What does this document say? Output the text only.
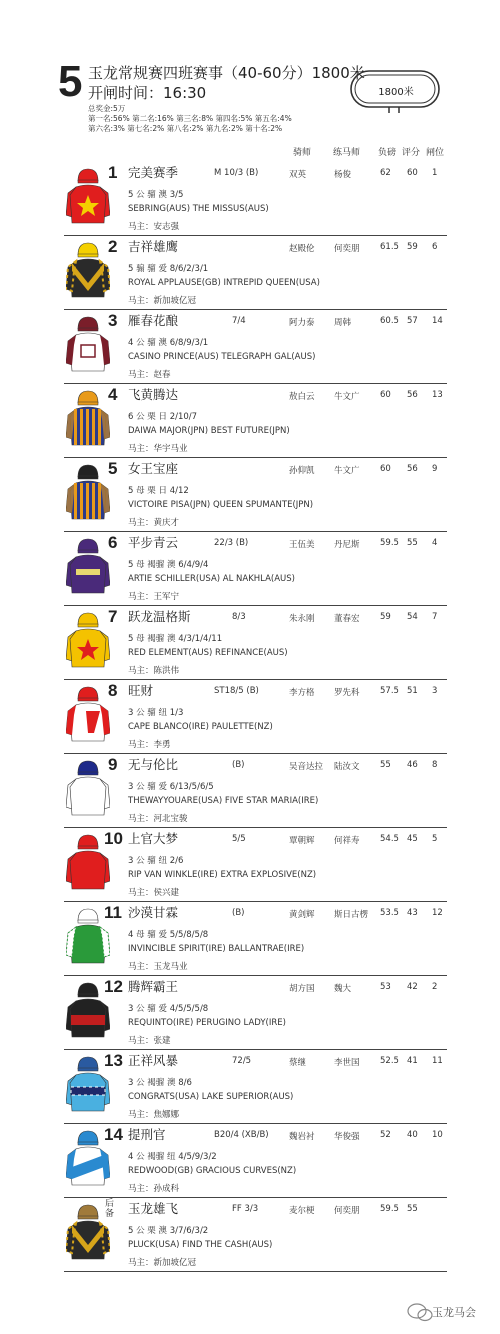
5 玉龙常规赛四班赛事（40-60分）1800米
开闸时间：16:30
总奖金:5万
第一名:56% 第二名:16% 第三名:8% 第四名:5% 第五名:4%
第六名:3% 第七名:2% 第八名:2% 第九名:2% 第十名:2%
1800米
骑师 练马师 负磅 评分 闸位
1 完美赛季	M 10/3 (B)	双英	杨俊	62 60 1
5 公 骝 澳 3/5
SEBRING(AUS) THE MISSUS(AUS)
马主：安志强
2 吉祥雄鹰	赵殿伦 何奕朋 61.5 59 6
5 骟 骝 爱 8/6/2/3/1
ROYAL APPLAUSE(GB) INTREPID QUEEN(USA)
马主：新加坡亿冠
3 雁春花酿	7/4	阿力泰 周韩	60.5 57 14
4 公 骝 澳 6/8/9/3/1
CASINO PRINCE(AUS) TELEGRAPH GAL(AUS)
马主：赵春
4 飞黄腾达	敖白云 牛文广 60 56 13
6 公 栗 日 2/10/7
DAIWA MAJOR(JPN) BEST FUTURE(JPN)
马主：华宇马业
5 女王宝座	孙仰凯 牛文广 60 56 9
5 母 栗 日 4/12
VICTOIRE PISA(JPN) QUEEN SPUMANTE(JPN)
马主：黄庆才
6 平步青云	22/3 (B)	王伍美 丹尼斯 59.5 55 4
5 母 褐骝 澳 6/4/9/4
ARTIE SCHILLER(USA) AL NAKHLA(AUS)
马主：王军宁
7 跃龙温格斯	8/3	朱永刚 董春宏 59 54 7
5 母 褐骝 澳 4/3/1/4/11
RED ELEMENT(AUS) REFINANCE(AUS)
马主：陈洪伟
8 旺财	ST18/5 (B)	李方格 罗先科 57.5 51 3
3 公 骝 纽 1/3
CAPE BLANCO(IRE) PAULETTE(NZ)
马主：李勇
9 无与伦比	(B)	吴音达拉 陆汝文 55 46 8
3 公 骝 爱 6/13/5/6/5
THEWAYYOUARE(USA) FIVE STAR MARIA(IRE)
马主：河北宝骏
10 上官大梦	5/5	覃朝辉 何祥寿 54.5 45 5
3 公 骝 纽 2/6
RIP VAN WINKLE(IRE) EXTRA EXPLOSIVE(NZ)
马主：侯兴建
11 沙漠甘霖	(B)	黄剑辉 斯日古楞 53.5 43 12
4 母 骝 爱 5/5/8/5/8
INVINCIBLE SPIRIT(IRE) BALLANTRAE(IRE)
马主：玉龙马业
12 腾辉霸王	胡方国 魏大	53 42 2
3 公 骝 爱 4/5/5/5/8
REQUINTO(IRE) PERUGINO LADY(IRE)
马主：张建
13 正祥风暴	72/5	蔡继	李世国 52.5 41 11
3 公 褐骝 澳 8/6
CONGRATS(USA) LAKE SUPERIOR(AUS)
马主：焦娜娜
14 提刑官	B20/4 (XB/B) 魏岩衬 华俊强 52 40 10
4 公 褐骝 纽 4/5/9/3/2
REDWOOD(GB) GRACIOUS CURVES(NZ)
马主：孙成科
后备 玉龙雄飞	FF 3/3	麦尔梗 何奕朋 59.5 55
5 公 栗 澳 3/7/6/3/2
PLUCK(USA) FIND THE CASH(AUS)
马主：新加坡亿冠
玉龙马会
